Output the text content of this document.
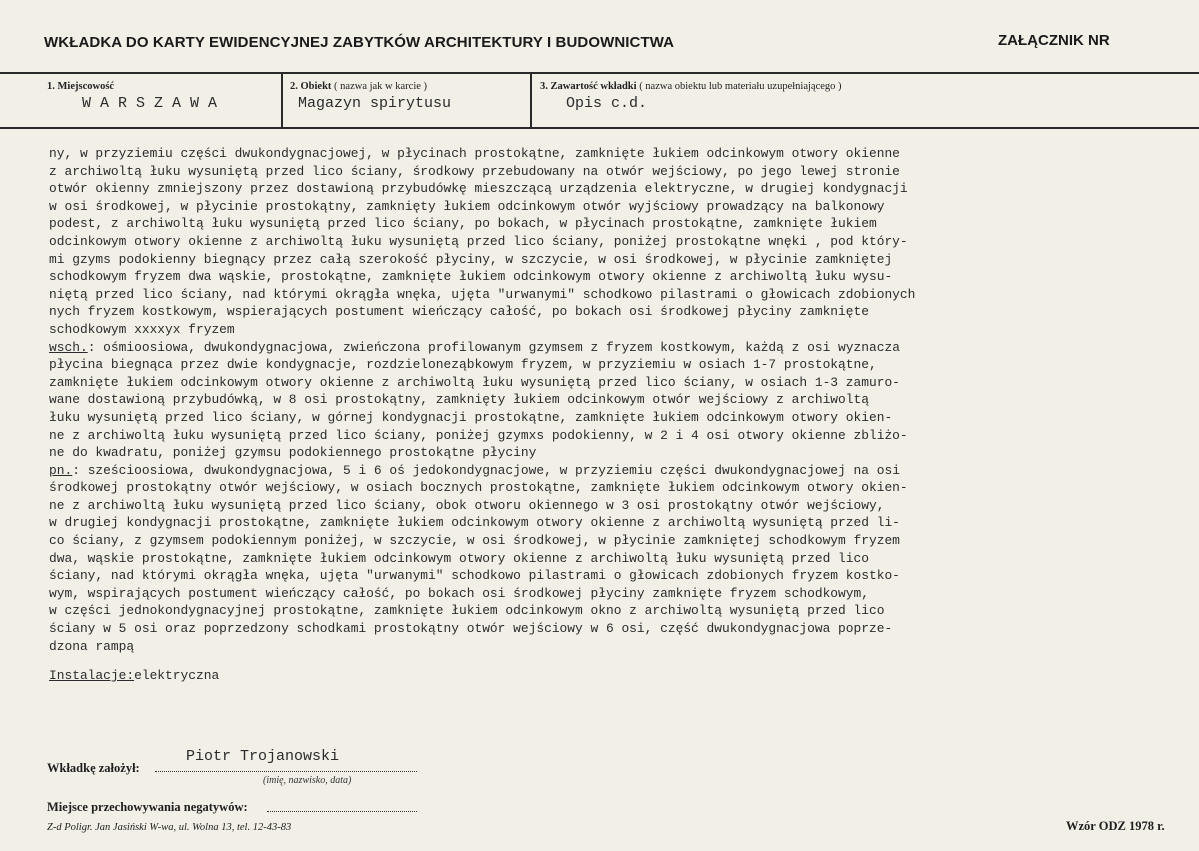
WKŁADKA DO KARTY EWIDENCYJNEJ ZABYTKÓW ARCHITEKTURY I BUDOWNICTWA	ZAŁĄCZNIK NR
1. Miejscowość
W A R S Z A W A
2. Obiekt ( nazwa jak w karcie )
Magazyn spirytusu
3. Zawartość wkładki ( nazwa obiektu lub materiału uzupełniającego )
Opis c.d.
ny, w przyziemiu części dwukondygnacjowej, w płycinach prostokątne, zamknięte łukiem odcinkowym otwory okienne
z archiwoltą łuku wysuniętą przed lico ściany, środkowy przebudowany na otwór wejściowy, po jego lewej stronie
otwór okienny zmniejszony przez dostawioną przybudówkę mieszczącą urządzenia elektryczne, w drugiej kondygnacji
w osi środkowej, w płycinie prostokątny, zamknięty łukiem odcinkowym otwór wyjściowy prowadzący na balkonowy
podest, z archiwoltą łuku wysuniętą przed lico ściany, po bokach, w płycinach prostokątne, zamknięte łukiem
odcinkowym otwory okienne z archiwoltą łuku wysuniętą przed lico ściany, poniżej prostokątne wnęki , pod który-
mi gzyms podokienny biegnący przez całą szerokość płyciny, w szczycie, w osi środkowej, w płycinie zamkniętej
schodkowym fryzem dwa wąskie, prostokątne, zamknięte łukiem odcinkowym otwory okienne z archiwoltą łuku wysu-
niętą przed lico ściany, nad którymi okrągła wnęka, ujęta "urwanymi" schodkowo pilastrami o głowicach zdobionych
nych fryzem kostkowym, wspierających postument wieńczący całość, po bokach osi środkowej płyciny zamknięte
schodkowym xxxxyx fryzem
wsch.: ośmioosiowa, dwukondygnacjowa, zwieńczona profilowanym gzymsem z fryzem kostkowym, każdą z osi wyznacza
płycina biegnąca przez dwie kondygnacje, rozdzieloneząbkowym fryzem, w przyziemiu w osiach 1-7 prostokątne,
zamknięte łukiem odcinkowym otwory okienne z archiwoltą łuku wysuniętą przed lico ściany, w osiach 1-3 zamuro-
wane dostawioną przybudówką, w 8 osi prostokątny, zamknięty łukiem odcinkowym otwór wejściowy z archiwoltą
łuku wysuniętą przed lico ściany, w górnej kondygnacji prostokątne, zamknięte łukiem odcinkowym otwory okien-
ne z archiwoltą łuku wysuniętą przed lico ściany, poniżej gzymxs podokienny, w 2 i 4 osi otwory okienne zbliżo-
ne do kwadratu, poniżej gzymsu podokiennego prostokątne płyciny
pn.: sześcioosiowa, dwukondygnacjowa, 5 i 6 oś jedokondygnacjowe, w przyziemiu części dwukondygnacjowej na osi
środkowej prostokątny otwór wejściowy, w osiach bocznych prostokątne, zamknięte łukiem odcinkowym otwory okien-
ne z archiwoltą łuku wysuniętą przed lico ściany, obok otworu okiennego w 3 osi prostokątny otwór wejściowy,
w drugiej kondygnacji prostokątne, zamknięte łukiem odcinkowym otwory okienne z archiwoltą wysuniętą przed li-
co ściany, z gzymsem podokiennym poniżej, w szczycie, w osi środkowej, w płycinie zamkniętej schodkowym fryzem
dwa, wąskie prostokątne, zamknięte łukiem odcinkowym otwory okienne z archiwoltą łuku wysuniętą przed lico
ściany, nad którymi okrągła wnęka, ujęta "urwanymi" schodkowo pilastrami o głowicach zdobionych fryzem kostko-
wym, wspirających postument wieńczący całość, po bokach osi środkowej płyciny zamknięte fryzem schodkowym,
w części jednokondygnacyjnej prostokątne, zamknięte łukiem odcinkowym okno z archiwoltą wysuniętą przed lico
ściany w 5 osi oraz poprzedzony schodkami prostokątny otwór wejściowy w 6 osi, część dwukondygnacjowa poprze-
dzona rampą
Instalacje:elektryczna
Piotr Trojanowski
Wkładkę założył:
(imię, nazwisko, data)
Miejsce przechowywania negatywów:
Z-d Poligr. Jan Jasiński W-wa, ul. Wolna 13, tel. 12-43-83	Wzór ODZ 1978 r.
